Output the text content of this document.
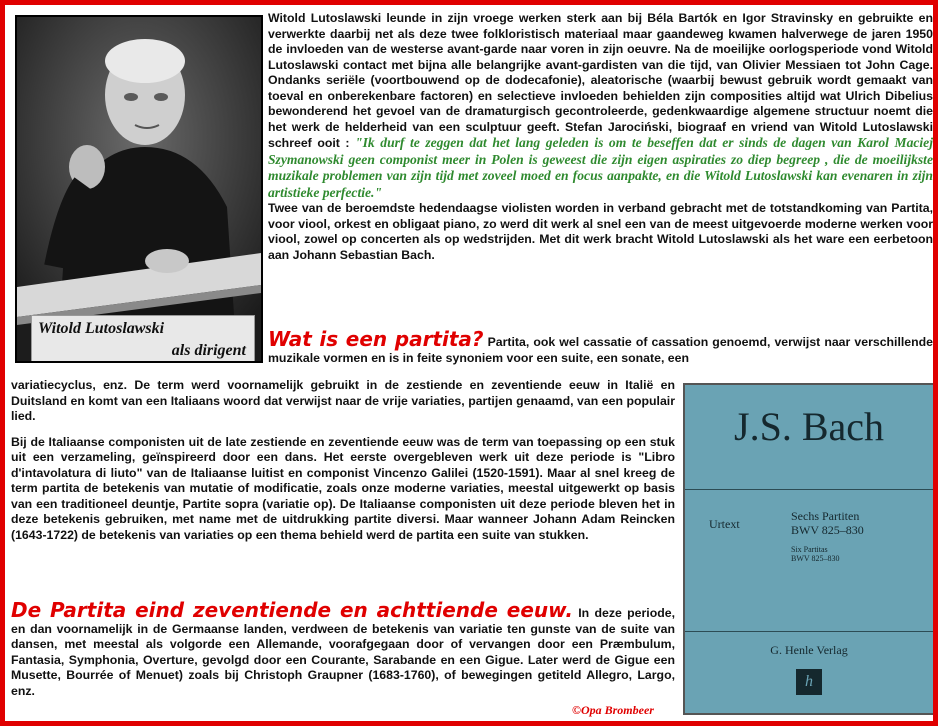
Witold Lutoslawski
als dirigent
Witold Lutoslawski leunde in zijn vroege werken sterk aan bij Béla Bartók en Igor Stravinsky en gebruikte en verwerkte daarbij net als deze twee folkloristisch materiaal maar gaandeweg kwamen halverwege de jaren 1950 de invloeden van de westerse avant-garde naar voren in zijn oeuvre. Na de moeilijke oorlogsperiode vond Witold Lutoslawski contact met bijna alle belangrijke avant-gardisten van die tijd, van Olivier Messiaen tot John Cage. Ondanks seriële (voortbouwend op de dodecafonie), aleatorische (waarbij bewust gebruik wordt gemaakt van toeval en onberekenbare factoren) en selectieve invloeden behielden zijn composities altijd wat Ulrich Dibelius bewonderend het gevoel van de dramaturgisch gecontroleerde, gedenkwaardige algemene structuur noemt die het werk de helderheid van een sculptuur geeft. Stefan Jarociński, biograaf en vriend van Witold Lutoslawski schreef ooit : "Ik durf te zeggen dat het lang geleden is om te beseffen dat er sinds de dagen van Karol Maciej Szymanowski geen componist meer in Polen is geweest die zijn eigen aspiraties zo diep begreep , die de moeilijkste muzikale problemen van zijn tijd met zoveel moed en focus aanpakte, en die Witold Lutoslawski kan evenaren in zijn artistieke perfectie."
Twee van de beroemdste hedendaagse violisten worden in verband gebracht met de totstandkoming van Partita, voor viool, orkest en obligaat piano, zo werd dit werk al snel een van de meest uitgevoerde moderne werken voor viool, zowel op concerten als op wedstrijden. Met dit werk bracht Witold Lutoslawski als het ware een eerbetoon aan Johann Sebastian Bach.
Wat is een partita? Partita, ook wel cassatie of cassation genoemd, verwijst naar verschillende muzikale vormen en is in feite synoniem voor een suite, een sonate, een
variatiecyclus, enz. De term werd voornamelijk gebruikt in de zestiende en zeventiende eeuw in Italië en Duitsland en komt van een Italiaans woord dat verwijst naar de vrije variaties, partijen genaamd, van een populair lied.
Bij de Italiaanse componisten uit de late zestiende en zeventiende eeuw was de term van toepassing op een stuk uit een verzameling, geïnspireerd door een dans. Het eerste overgebleven werk uit deze periode is "Libro d'intavolatura di liuto" van de Italiaanse luitist en componist Vincenzo Galilei (1520-1591). Maar al snel kreeg de term partita de betekenis van mutatie of modificatie, zoals onze moderne variaties, meestal uitgewerkt op basis van een traditioneel deuntje, Partite sopra (variatie op). De Italiaanse componisten uit deze periode bleven het in deze betekenis gebruiken, met name met de uitdrukking partite diversi. Maar wanneer Johann Adam Reincken (1643-1722) de betekenis van variaties op een thema behield werd de partita een suite van stukken.
De Partita eind zeventiende en achttiende eeuw. In deze periode, en dan voornamelijk in de Germaanse landen, verdween de betekenis van variatie ten gunste van de suite van dansen, met meestal als volgorde een Allemande, voorafgegaan door of vervangen door een Præmbulum, Fantasia, Symphonia, Overture, gevolgd door een Courante, Sarabande en een Gigue. Later werd de Gigue een Musette, Bourrée of Menuet) zoals bij Christoph Graupner (1683-1760), of bewegingen getiteld Allegro, Largo, enz.
©Opa Brombeer
J.S. Bach
Urtext
Sechs Partiten
BWV 825–830
Six Partitas
BWV 825–830
G. Henle Verlag
h
